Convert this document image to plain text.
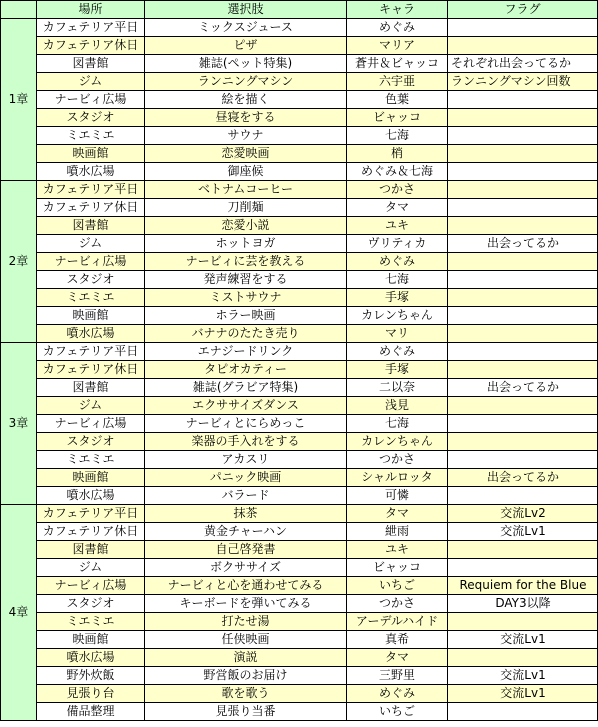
	場所	選択肢	キャラ	フラグ
1章	カフェテリア平日	ミックスジュース	めぐみ	
	カフェテリア休日	ピザ	マリア	
	図書館	雑誌(ペット特集)	蒼井＆ビャッコ	それぞれ出会ってるか
	ジム	ランニングマシン	六宇亜	ランニングマシン回数
	ナービィ広場	絵を描く	色葉	
	スタジオ	昼寝をする	ビャッコ	
	ミエミエ	サウナ	七海	
	映画館	恋愛映画	梢	
	噴水広場	御座候	めぐみ＆七海	
2章	カフェテリア平日	ベトナムコーヒー	つかさ	
	カフェテリア休日	刀削麺	タマ	
	図書館	恋愛小説	ユキ	
	ジム	ホットヨガ	ヴリティカ	出会ってるか
	ナービィ広場	ナービィに芸を教える	めぐみ	
	スタジオ	発声練習をする	七海	
	ミエミエ	ミストサウナ	手塚	
	映画館	ホラー映画	カレンちゃん	
	噴水広場	バナナのたたき売り	マリ	
3章	カフェテリア平日	エナジードリンク	めぐみ	
	カフェテリア休日	タピオカティー	手塚	
	図書館	雑誌(グラビア特集)	二以奈	出会ってるか
	ジム	エクササイズダンス	浅見	
	ナービィ広場	ナービィとにらめっこ	七海	
	スタジオ	楽器の手入れをする	カレンちゃん	
	ミエミエ	アカスリ	つかさ	
	映画館	パニック映画	シャルロッタ	出会ってるか
	噴水広場	バラード	可憐	
4章	カフェテリア平日	抹茶	タマ	交流Lv2
	カフェテリア休日	黄金チャーハン	紲雨	交流Lv1
	図書館	自己啓発書	ユキ	
	ジム	ボクササイズ	ビャッコ	
	ナービィ広場	ナービィと心を通わせてみる	いちご	Requiem for the Blue
	スタジオ	キーボードを弾いてみる	つかさ	DAY3以降
	ミエミエ	打たせ湯	アーデルハイド	
	映画館	任侠映画	真希	交流Lv1
	噴水広場	演説	タマ	
	野外炊飯	野営飯のお届け	三野里	交流Lv1
	見張り台	歌を歌う	めぐみ	交流Lv1
	備品整理	見張り当番	いちご	
